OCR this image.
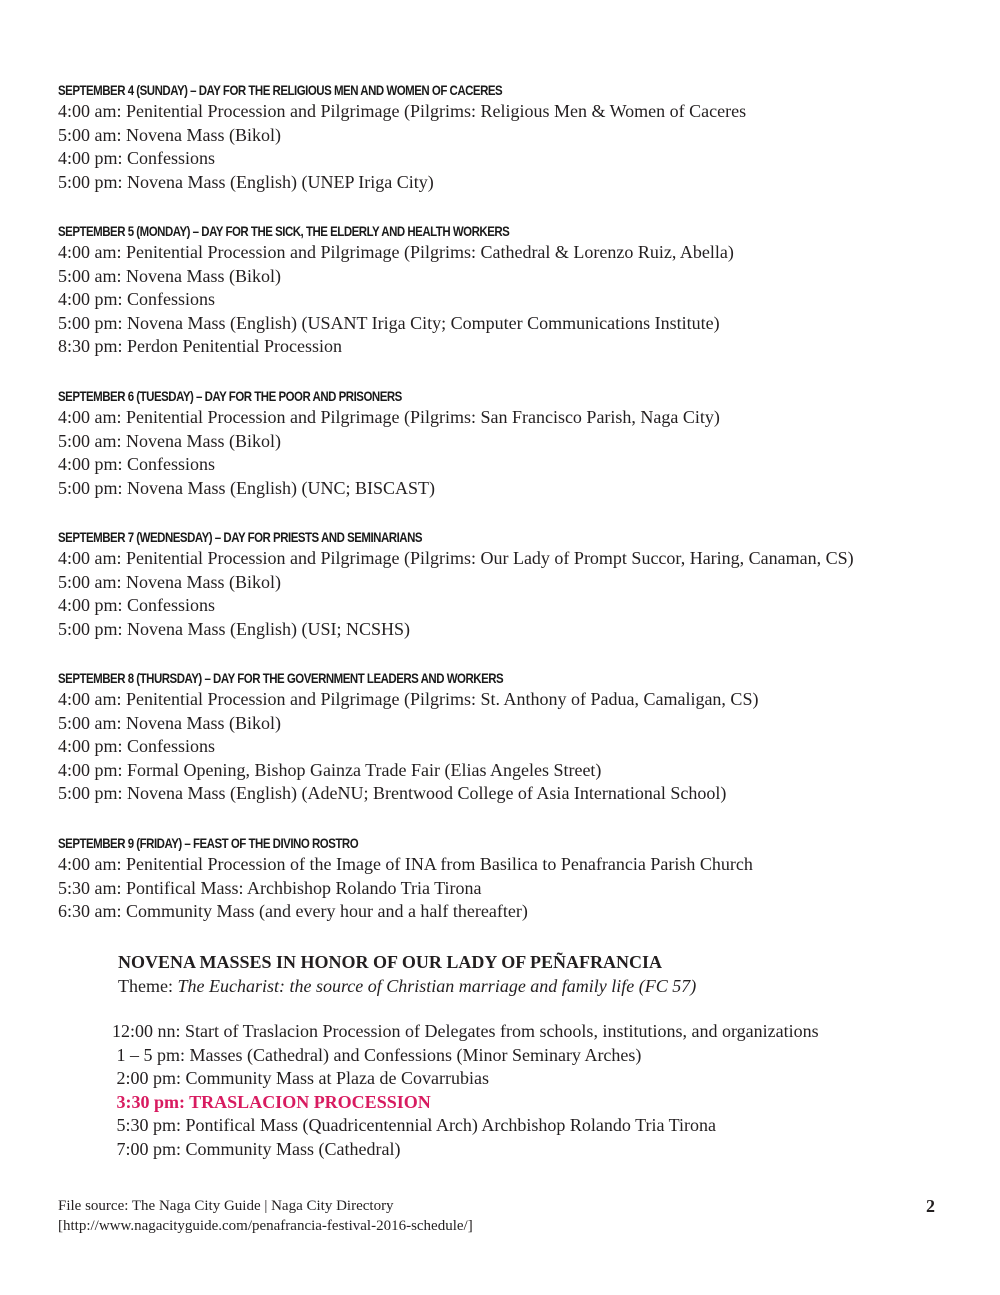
SEPTEMBER 4 (SUNDAY) – DAY FOR THE RELIGIOUS MEN AND WOMEN OF CACERES
4:00 am: Penitential Procession and Pilgrimage (Pilgrims: Religious Men & Women of Caceres
5:00 am: Novena Mass (Bikol)
4:00 pm: Confessions
5:00 pm: Novena Mass (English) (UNEP Iriga City)
SEPTEMBER 5 (MONDAY) – DAY FOR THE SICK, THE ELDERLY AND HEALTH WORKERS
4:00 am: Penitential Procession and Pilgrimage (Pilgrims: Cathedral & Lorenzo Ruiz, Abella)
5:00 am: Novena Mass (Bikol)
4:00 pm: Confessions
5:00 pm: Novena Mass (English) (USANT Iriga City; Computer Communications Institute)
8:30 pm: Perdon Penitential Procession
SEPTEMBER 6 (TUESDAY) – DAY FOR THE POOR AND PRISONERS
4:00 am: Penitential Procession and Pilgrimage (Pilgrims: San Francisco Parish, Naga City)
5:00 am: Novena Mass (Bikol)
4:00 pm: Confessions
5:00 pm: Novena Mass (English) (UNC; BISCAST)
SEPTEMBER 7 (WEDNESDAY) – DAY FOR PRIESTS AND SEMINARIANS
4:00 am: Penitential Procession and Pilgrimage (Pilgrims: Our Lady of Prompt Succor, Haring, Canaman, CS)
5:00 am: Novena Mass (Bikol)
4:00 pm: Confessions
5:00 pm: Novena Mass (English) (USI; NCSHS)
SEPTEMBER 8 (THURSDAY) – DAY FOR THE GOVERNMENT LEADERS AND WORKERS
4:00 am: Penitential Procession and Pilgrimage (Pilgrims: St. Anthony of Padua, Camaligan, CS)
5:00 am: Novena Mass (Bikol)
4:00 pm: Confessions
4:00 pm: Formal Opening, Bishop Gainza Trade Fair (Elias Angeles Street)
5:00 pm: Novena Mass (English) (AdeNU; Brentwood College of Asia International School)
SEPTEMBER 9 (FRIDAY) – FEAST OF THE DIVINO ROSTRO
4:00 am: Penitential Procession of the Image of INA from Basilica to Penafrancia Parish Church
5:30 am: Pontifical Mass: Archbishop Rolando Tria Tirona
6:30 am: Community Mass (and every hour and a half thereafter)
NOVENA MASSES IN HONOR OF OUR LADY OF PEÑAFRANCIA
Theme: The Eucharist: the source of Christian marriage and family life (FC 57)
12:00 nn: Start of Traslacion Procession of Delegates from schools, institutions, and organizations
1 – 5 pm: Masses (Cathedral) and Confessions (Minor Seminary Arches)
2:00 pm: Community Mass at Plaza de Covarrubias
3:30 pm: TRASLACION PROCESSION
5:30 pm: Pontifical Mass (Quadricentennial Arch) Archbishop Rolando Tria Tirona
7:00 pm: Community Mass (Cathedral)
File source: The Naga City Guide | Naga City Directory
[http://www.nagacityguide.com/penafrancia-festival-2016-schedule/]
2
